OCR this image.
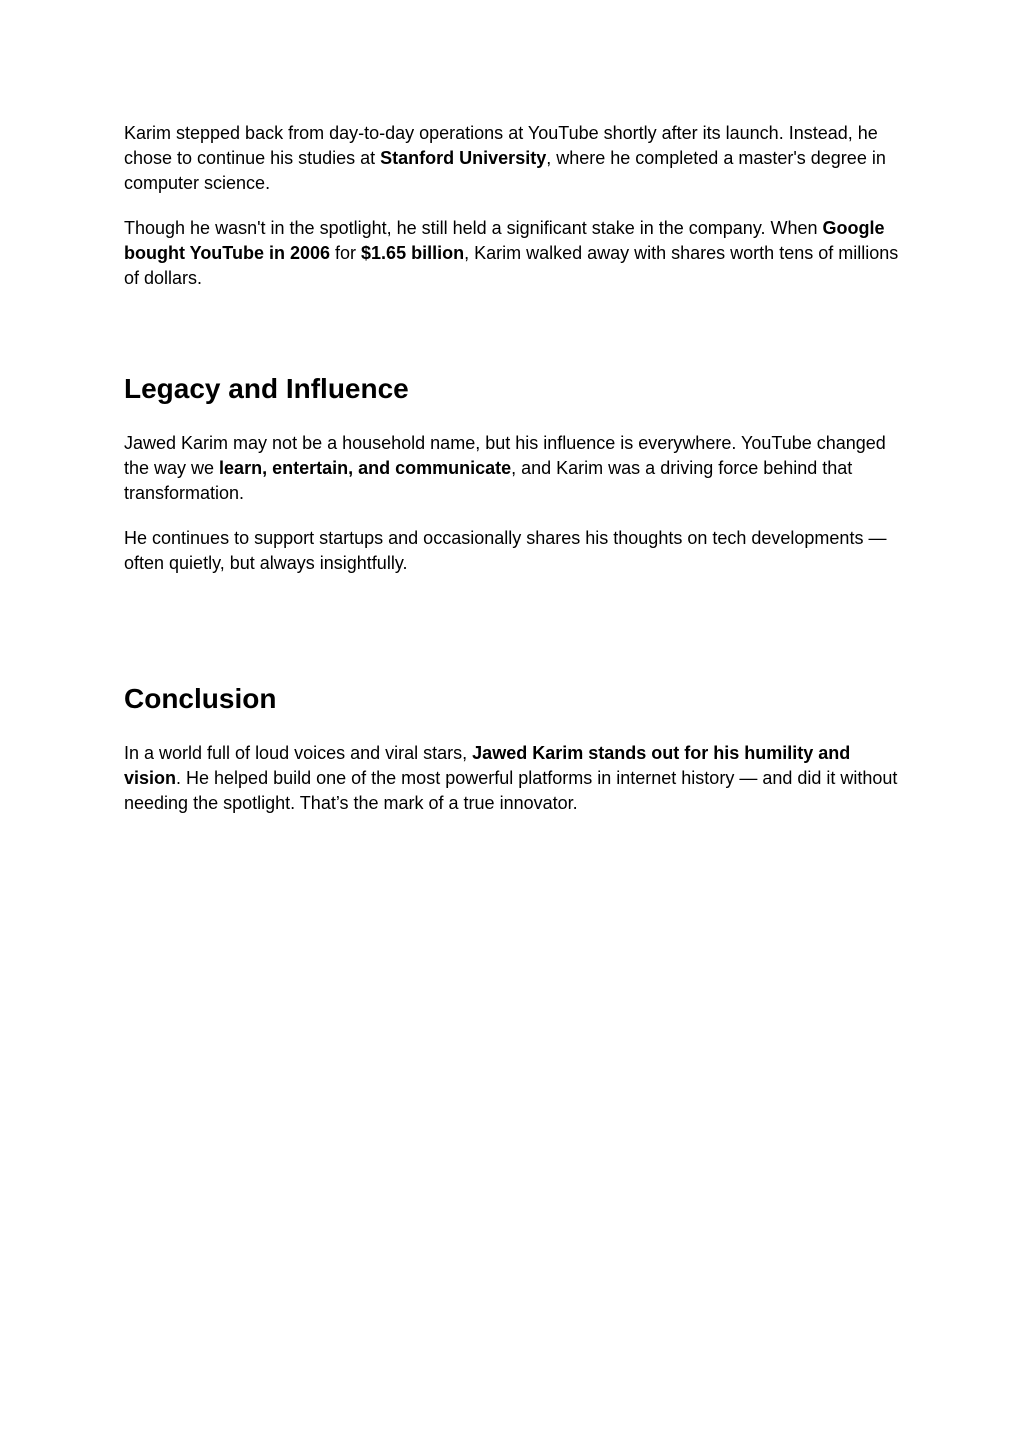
Karim stepped back from day-to-day operations at YouTube shortly after its launch. Instead, he chose to continue his studies at Stanford University, where he completed a master's degree in computer science.

Though he wasn't in the spotlight, he still held a significant stake in the company. When Google bought YouTube in 2006 for $1.65 billion, Karim walked away with shares worth tens of millions of dollars.

Legacy and Influence

Jawed Karim may not be a household name, but his influence is everywhere. YouTube changed the way we learn, entertain, and communicate, and Karim was a driving force behind that transformation.

He continues to support startups and occasionally shares his thoughts on tech developments — often quietly, but always insightfully.

Conclusion

In a world full of loud voices and viral stars, Jawed Karim stands out for his humility and vision. He helped build one of the most powerful platforms in internet history — and did it without needing the spotlight. That’s the mark of a true innovator.
